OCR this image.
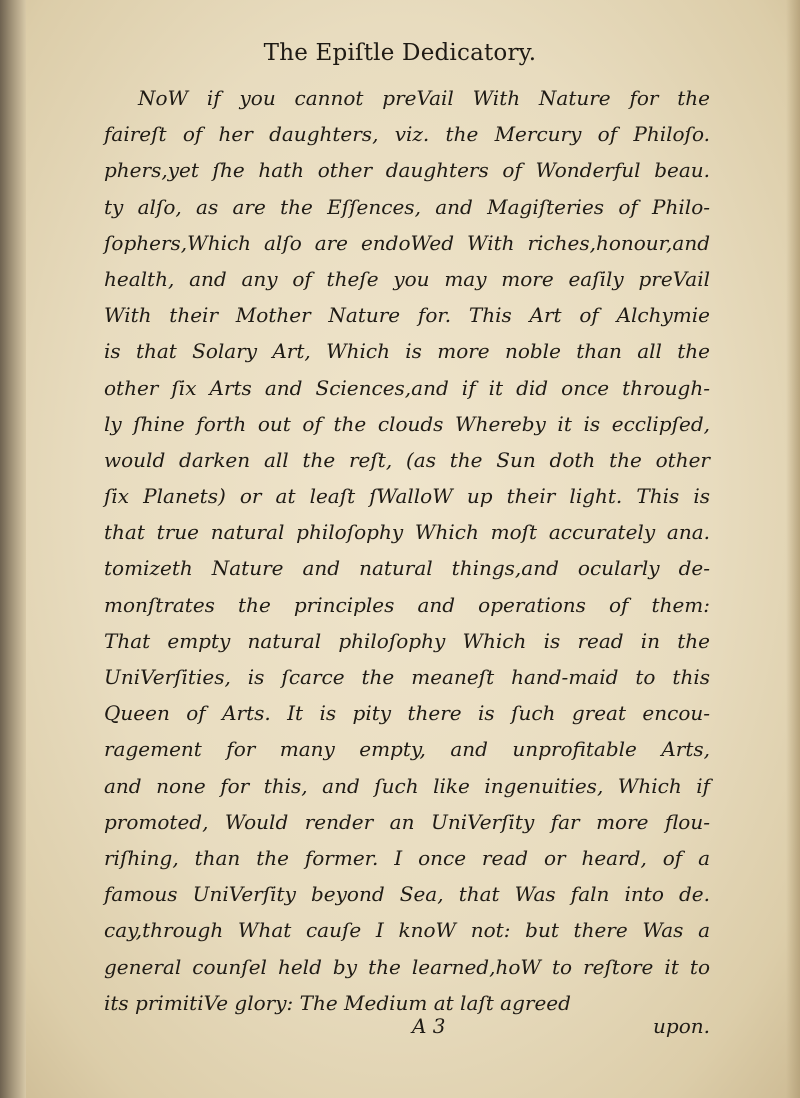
The Epiſtle Dedicatory.
NoW if you cannot preVail With Nature for the
faireſt of her daughters, viz. the Mercury of Philoſo.
phers,yet ſhe hath other daughters of Wonderful beau.
ty alſo, as are the Eſſences, and Magiſteries of Philo-
ſophers,Which alſo are endoWed With riches,honour,and
health, and any of theſe you may more eaſily preVail
With their Mother Nature for. This Art of Alchymie
is that Solary Art, Which is more noble than all the
other ſix Arts and Sciences,and if it did once through-
ly ſhine forth out of the clouds Whereby it is ecclipſed,
would darken all the reſt, (as the Sun doth the other
ſix Planets) or at leaſt ſWalloW up their light. This is
that true natural philoſophy Which moſt accurately ana.
tomizeth Nature and natural things,and ocularly de-
monſtrates the principles and operations of them:
That empty natural philoſophy Which is read in the
UniVerſities, is ſcarce the meaneſt hand-maid to this
Queen of Arts. It is pity there is ſuch great encou-
ragement for many empty, and unprofitable Arts,
and none for this, and ſuch like ingenuities, Which if
promoted, Would render an UniVerſity far more flou-
riſhing, than the former. I once read or heard, of a
famous UniVerſity beyond Sea, that Was faln into de.
cay,through What cauſe I knoW not: but there Was a
general counſel held by the learned,hoW to reſtore it to
its primitiVe glory: The Medium at laſt agreed
A 3	upon.
